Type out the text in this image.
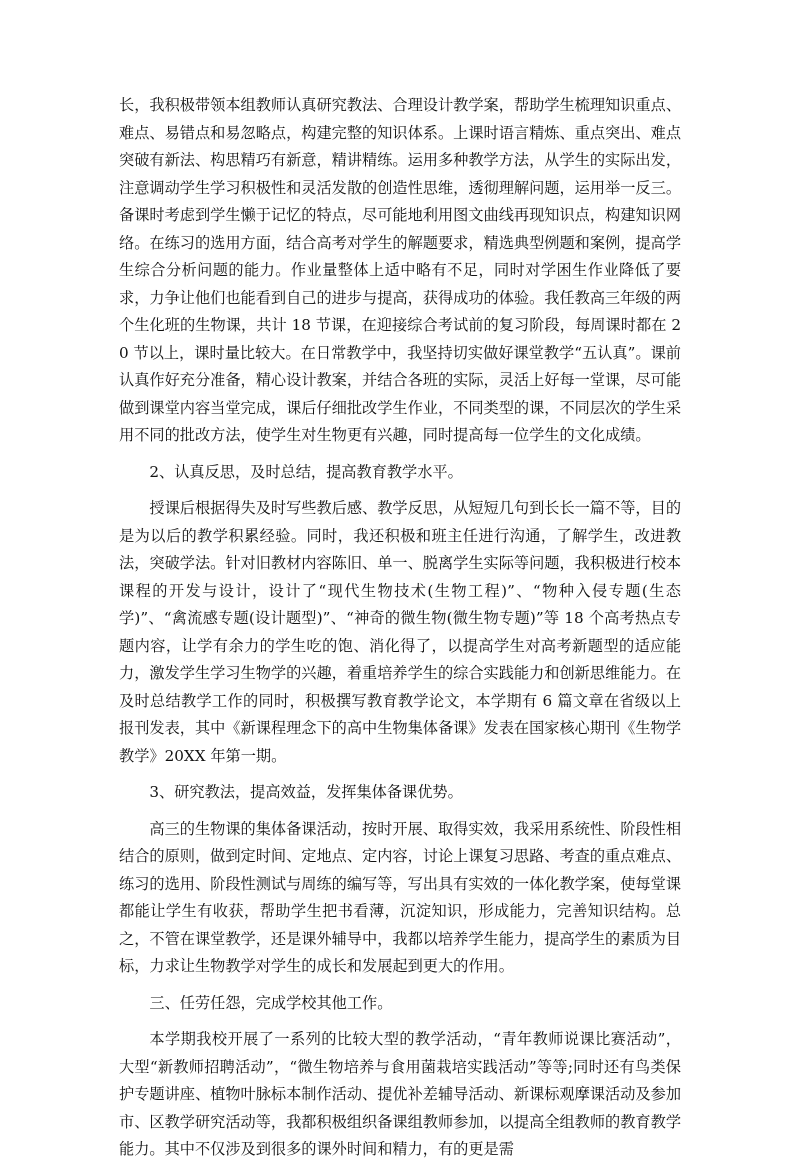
长，我积极带领本组教师认真研究教法、合理设计教学案，帮助学生梳理知识重点、难点、易错点和易忽略点，构建完整的知识体系。上课时语言精炼、重点突出、难点突破有新法、构思精巧有新意，精讲精练。运用多种教学方法，从学生的实际出发，注意调动学生学习积极性和灵活发散的创造性思维，透彻理解问题，运用举一反三。备课时考虑到学生懒于记忆的特点，尽可能地利用图文曲线再现知识点，构建知识网络。在练习的选用方面，结合高考对学生的解题要求，精选典型例题和案例，提高学生综合分析问题的能力。作业量整体上适中略有不足，同时对学困生作业降低了要求，力争让他们也能看到自己的进步与提高，获得成功的体验。我任教高三年级的两个生化班的生物课，共计 18 节课，在迎接综合考试前的复习阶段，每周课时都在 20 节以上，课时量比较大。在日常教学中，我坚持切实做好课堂教学“五认真”。课前认真作好充分准备，精心设计教案，并结合各班的实际，灵活上好每一堂课，尽可能做到课堂内容当堂完成，课后仔细批改学生作业，不同类型的课，不同层次的学生采用不同的批改方法，使学生对生物更有兴趣，同时提高每一位学生的文化成绩。

2、认真反思，及时总结，提高教育教学水平。

授课后根据得失及时写些教后感、教学反思，从短短几句到长长一篇不等，目的是为以后的教学积累经验。同时，我还积极和班主任进行沟通，了解学生，改进教法，突破学法。针对旧教材内容陈旧、单一、脱离学生实际等问题，我积极进行校本课程的开发与设计，设计了“现代生物技术(生物工程)”、“物种入侵专题(生态学)”、“禽流感专题(设计题型)”、“神奇的微生物(微生物专题)”等 18 个高考热点专题内容，让学有余力的学生吃的饱、消化得了，以提高学生对高考新题型的适应能力，激发学生学习生物学的兴趣，着重培养学生的综合实践能力和创新思维能力。在及时总结教学工作的同时，积极撰写教育教学论文，本学期有 6 篇文章在省级以上报刊发表，其中《新课程理念下的高中生物集体备课》发表在国家核心期刊《生物学教学》20XX 年第一期。

3、研究教法，提高效益，发挥集体备课优势。

高三的生物课的集体备课活动，按时开展、取得实效，我采用系统性、阶段性相结合的原则，做到定时间、定地点、定内容，讨论上课复习思路、考查的重点难点、练习的选用、阶段性测试与周练的编写等，写出具有实效的一体化教学案，使每堂课都能让学生有收获，帮助学生把书看薄，沉淀知识，形成能力，完善知识结构。总之，不管在课堂教学，还是课外辅导中，我都以培养学生能力，提高学生的素质为目标，力求让生物教学对学生的成长和发展起到更大的作用。

三、任劳任怨，完成学校其他工作。

本学期我校开展了一系列的比较大型的教学活动，“青年教师说课比赛活动”，大型“新教师招聘活动”，“微生物培养与食用菌栽培实践活动”等等;同时还有鸟类保护专题讲座、植物叶脉标本制作活动、提优补差辅导活动、新课标观摩课活动及参加市、区教学研究活动等，我都积极组织备课组教师参加，以提高全组教师的教育教学能力。其中不仅涉及到很多的课外时间和精力，有的更是需
